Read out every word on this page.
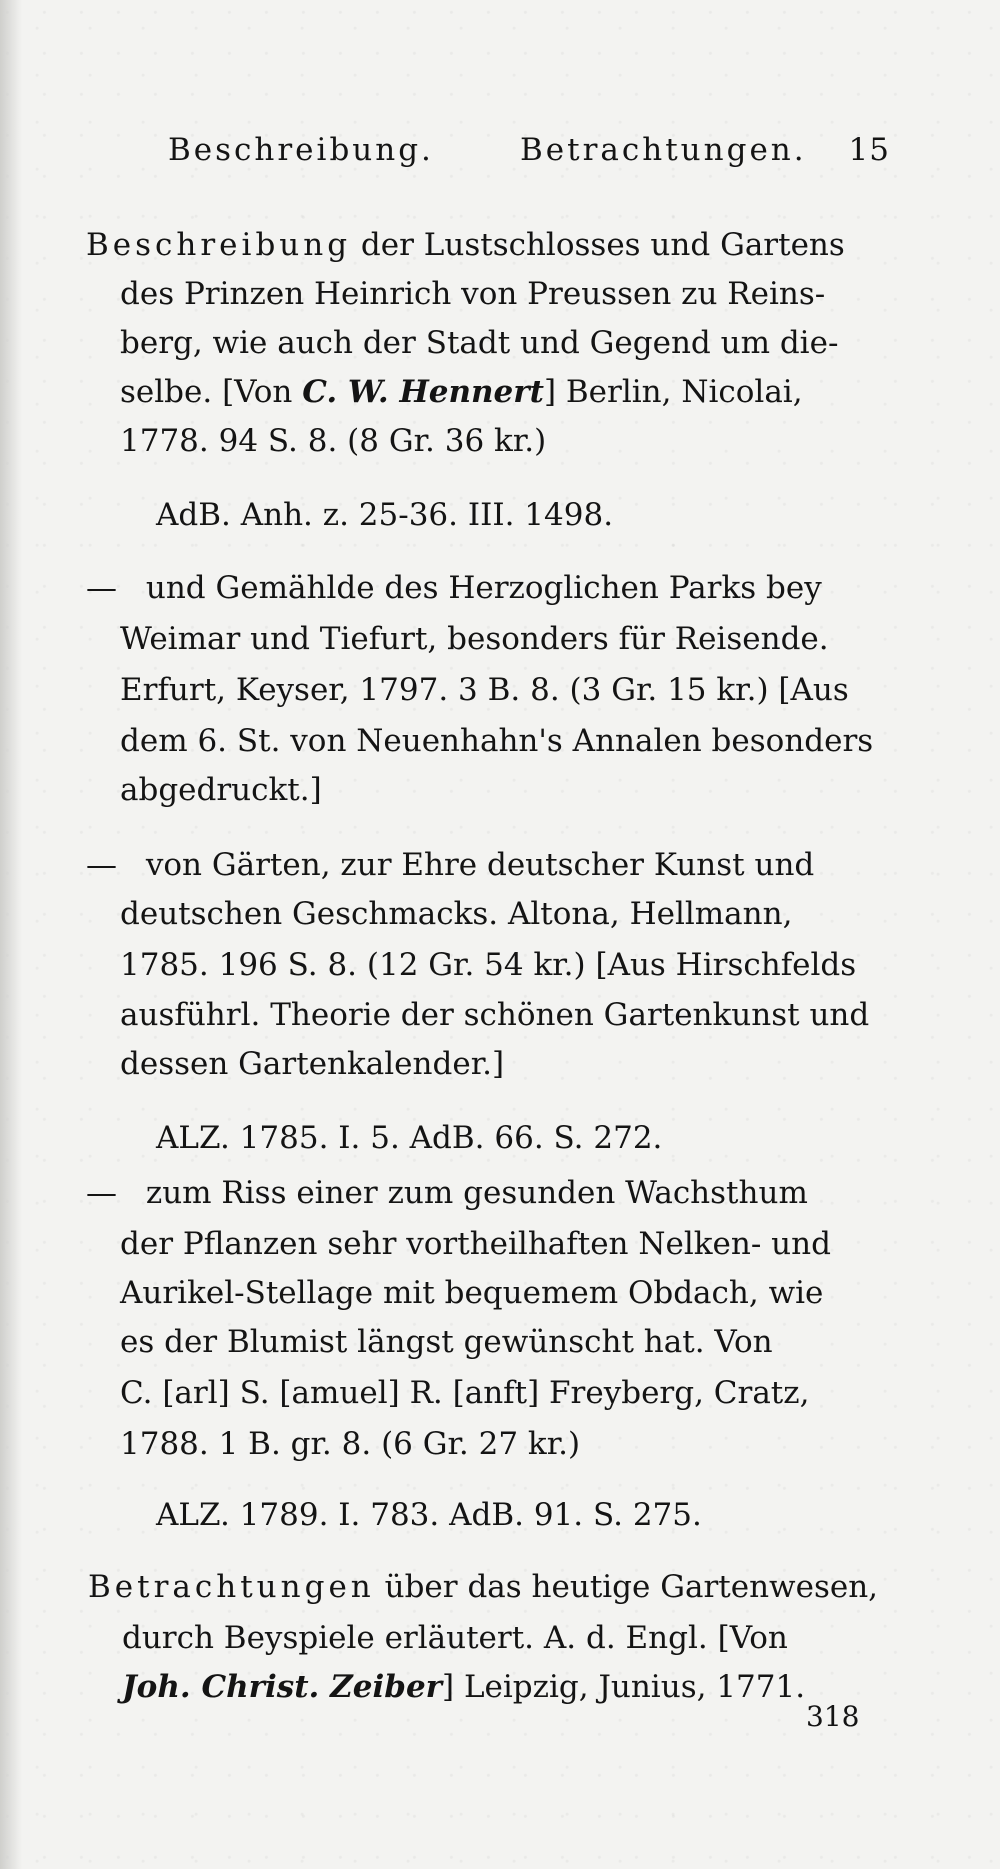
Beschreibung.	Betrachtungen. 15
Beschreibung der Lustschlosses und Gartens
des Prinzen Heinrich von Preussen zu Reins-
berg, wie auch der Stadt und Gegend um die-
selbe. [Von C. W. Hennert] Berlin, Nicolai,
1778. 94 S. 8. (8 Gr. 36 kr.)
AdB. Anh. z. 25-36. III. 1498.
— und Gemählde des Herzoglichen Parks bey
Weimar und Tiefurt, besonders für Reisende.
Erfurt, Keyser, 1797. 3 B. 8. (3 Gr. 15 kr.) [Aus
dem 6. St. von Neuenhahn's Annalen besonders
abgedruckt.]
— von Gärten, zur Ehre deutscher Kunst und
deutschen Geschmacks. Altona, Hellmann,
1785. 196 S. 8. (12 Gr. 54 kr.) [Aus Hirschfelds
ausführl. Theorie der schönen Gartenkunst und
dessen Gartenkalender.]
ALZ. 1785. I. 5. AdB. 66. S. 272.
— zum Riss einer zum gesunden Wachsthum
der Pflanzen sehr vortheilhaften Nelken- und
Aurikel-Stellage mit bequemem Obdach, wie
es der Blumist längst gewünscht hat. Von
C. [arl] S. [amuel] R. [anft] Freyberg, Cratz,
1788. 1 B. gr. 8. (6 Gr. 27 kr.)
ALZ. 1789. I. 783. AdB. 91. S. 275.
Betrachtungen über das heutige Gartenwesen,
durch Beyspiele erläutert. A. d. Engl. [Von
Joh. Christ. Zeiber] Leipzig, Junius, 1771.
318
